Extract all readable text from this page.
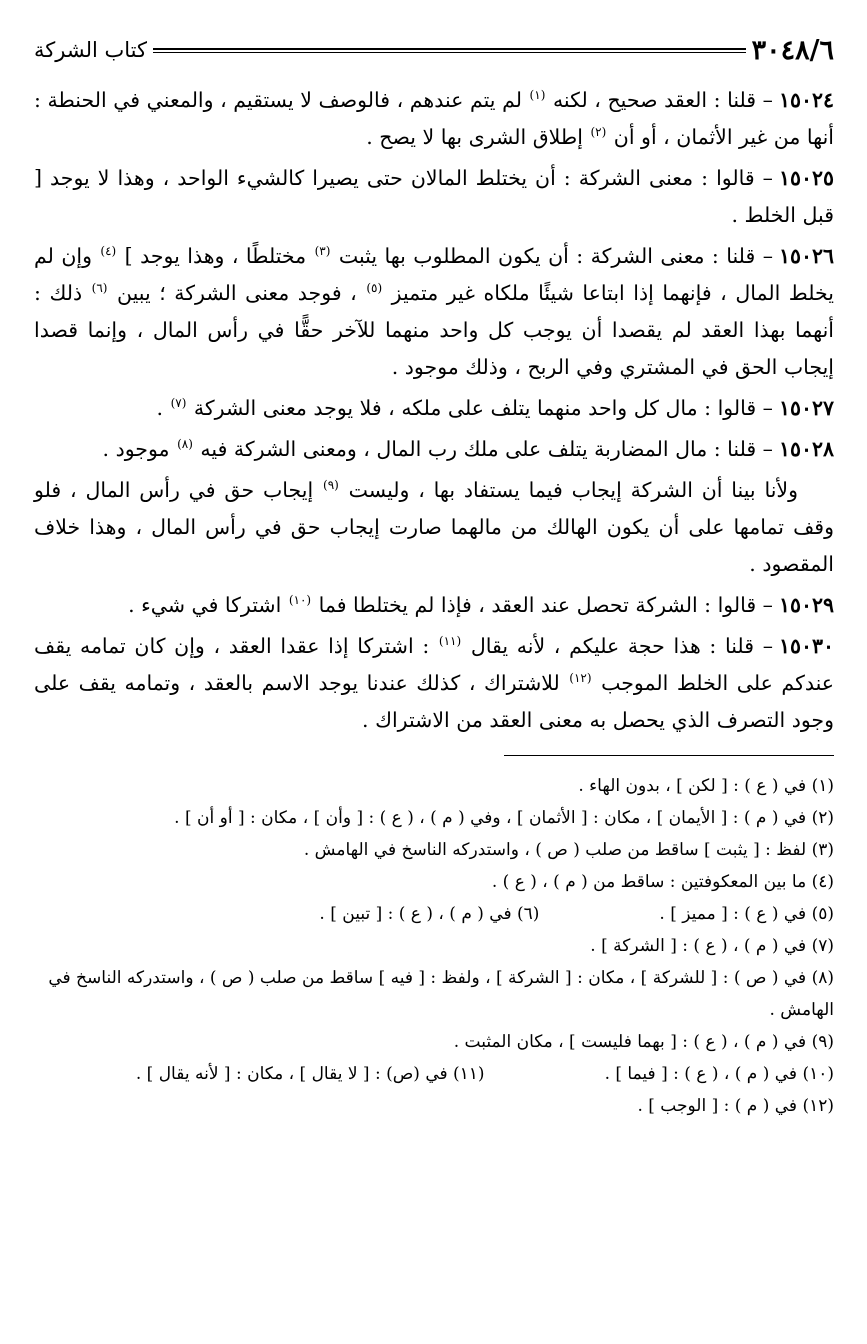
٣٠٤٨/٦
كتاب الشركة
١٥٠٢٤– قلنا : العقد صحيح ، لكنه $^{(١)}$ لم يتم عندهم ، فالوصف لا يستقيم ، والمعني في الحنطة : أنها من غير الأثمان ، أو أن $^{(٢)}$ إطلاق الشرى بها لا يصح .
١٥٠٢٥– قالوا : معنى الشركة : أن يختلط المالان حتى يصيرا كالشيء الواحد ، وهذا لا يوجد [ قبل الخلط .
١٥٠٢٦– قلنا : معنى الشركة : أن يكون المطلوب بها يثبت $^{(٣)}$ مختلطًا ، وهذا يوجد ] $^{(٤)}$ وإن لم يخلط المال ، فإنهما إذا ابتاعا شيئًا ملكاه غير متميز $^{(٥)}$ ، فوجد معنى الشركة ؛ يبين $^{(٦)}$ ذلك : أنهما بهذا العقد لم يقصدا أن يوجب كل واحد منهما للآخر حقًّا في رأس المال ، وإنما قصدا إيجاب الحق في المشتري وفي الربح ، وذلك موجود .
١٥٠٢٧– قالوا : مال كل واحد منهما يتلف على ملكه ، فلا يوجد معنى الشركة $^{(٧)}$ .
١٥٠٢٨– قلنا : مال المضاربة يتلف على ملك رب المال ، ومعنى الشركة فيه $^{(٨)}$ موجود .
ولأنا بينا أن الشركة إيجاب فيما يستفاد بها ، وليست $^{(٩)}$ إيجاب حق في رأس المال ، فلو وقف تمامها على أن يكون الهالك من مالهما صارت إيجاب حق في رأس المال ، وهذا خلاف المقصود .
١٥٠٢٩– قالوا : الشركة تحصل عند العقد ، فإذا لم يختلطا فما $^{(١٠)}$ اشتركا في شيء .
١٥٠٣٠– قلنا : هذا حجة عليكم ، لأنه يقال $^{(١١)}$ : اشتركا إذا عقدا العقد ، وإن كان تمامه يقف عندكم على الخلط الموجب $^{(١٢)}$ للاشتراك ، كذلك عندنا يوجد الاسم بالعقد ، وتمامه يقف على وجود التصرف الذي يحصل به معنى العقد من الاشتراك .
(١) في ( ع ) : [ لكن ] ، بدون الهاء .
(٢) في ( م ) : [ الأيمان ] ، مكان : [ الأثمان ] ، وفي ( م ) ، ( ع ) : [ وأن ] ، مكان : [ أو أن ] .
(٣) لفظ : [ يثبت ] ساقط من صلب ( ص ) ، واستدركه الناسخ في الهامش .
(٤) ما بين المعكوفتين : ساقط من ( م ) ، ( ع ) .
(٥) في ( ع ) : [ مميز ] .
(٦) في ( م ) ، ( ع ) : [ تبين ] .
(٧) في ( م ) ، ( ع ) : [ الشركة ] .
(٨) في ( ص ) : [ للشركة ] ، مكان : [ الشركة ] ، ولفظ : [ فيه ] ساقط من صلب ( ص ) ، واستدركه الناسخ في الهامش .
(٩) في ( م ) ، ( ع ) : [ بهما فليست ] ، مكان المثبت .
(١٠) في ( م ) ، ( ع ) : [ فيما ] .
(١١) في (ص) : [ لا يقال ] ، مكان : [ لأنه يقال ] .
(١٢) في ( م ) : [ الوجب ] .
